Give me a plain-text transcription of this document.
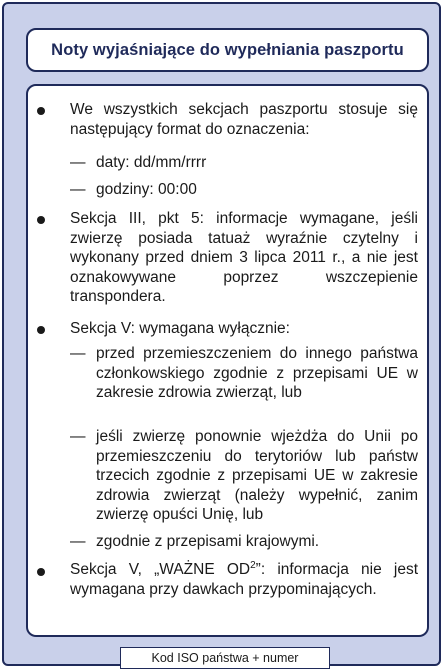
Noty wyjaśniające do wypełniania paszportu
We wszystkich sekcjach paszportu stosuje się następujący format do oznaczenia:
— daty: dd/mm/rrrr
— godziny: 00:00
Sekcja III, pkt 5: informacje wymagane, jeśli zwierzę posiada tatuaż wyraźnie czytelny i wykonany przed dniem 3 lipca 2011 r., a nie jest oznakowywane poprzez wszczepienie transpondera.
Sekcja V: wymagana wyłącznie:
— przed przemieszczeniem do innego państwa członkowskiego zgodnie z przepisami UE w zakresie zdrowia zwierząt, lub
— jeśli zwierzę ponownie wjeżdża do Unii po przemieszczeniu do terytoriów lub państw trzecich zgodnie z przepisami UE w zakresie zdrowia zwierząt (należy wypełnić, zanim zwierzę opuści Unię, lub
— zgodnie z przepisami krajowymi.
Sekcja V, „WAŻNE $OD^2$”: informacja nie jest wymagana przy dawkach przypominających.
Kod ISO państwa + numer
